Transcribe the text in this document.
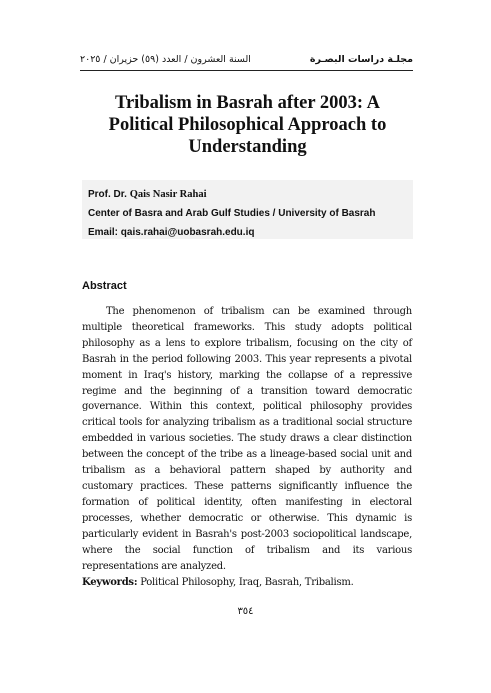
السنة العشرون / العدد (٥٩) حزيران / ٢٠٢٥	مجلـة دراسات البصـرة
Tribalism in Basrah after 2003: A Political Philosophical Approach to Understanding
Prof. Dr. Qais Nasir Rahai
Center of Basra and Arab Gulf Studies / University of Basrah
Email: qais.rahai@uobasrah.edu.iq
Abstract

The phenomenon of tribalism can be examined through multiple theoretical frameworks. This study adopts political philosophy as a lens to explore tribalism, focusing on the city of Basrah in the period following 2003. This year represents a pivotal moment in Iraq's history, marking the collapse of a repressive regime and the beginning of a transition toward democratic governance. Within this context, political philosophy provides critical tools for analyzing tribalism as a traditional social structure embedded in various societies. The study draws a clear distinction between the concept of the tribe as a lineage-based social unit and tribalism as a behavioral pattern shaped by authority and customary practices. These patterns significantly influence the formation of political identity, often manifesting in electoral processes, whether democratic or otherwise. This dynamic is particularly evident in Basrah's post-2003 sociopolitical landscape, where the social function of tribalism and its various representations are analyzed.

Keywords: Political Philosophy, Iraq, Basrah, Tribalism.
٣٥٤
